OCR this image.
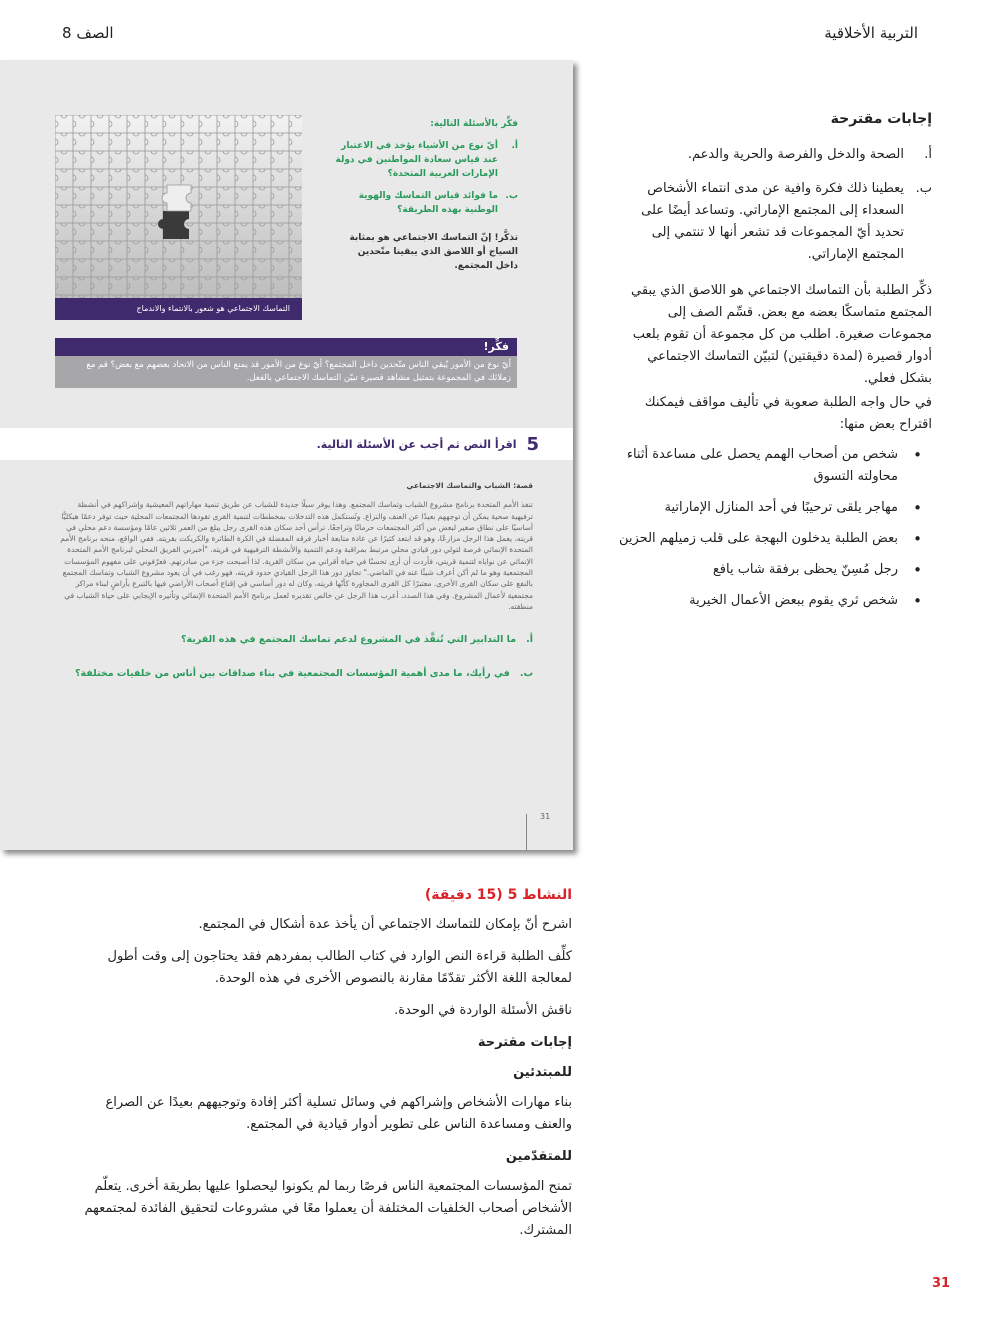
التربية الأخلاقية
الصف 8
إجابات مقترحة
أ.
الصحة والدخل والفرصة والحرية والدعم.
ب.
يعطينا ذلك فكرة وافية عن مدى انتماء الأشخاص السعداء إلى المجتمع الإماراتي. وتساعد أيضًا على تحديد أيّ المجموعات قد تشعر أنها لا تنتمي إلى المجتمع الإماراتي.

ذكِّر الطلبة بأن التماسك الاجتماعي هو اللاصق الذي يبقي المجتمع متماسكًا بعضه مع بعض. قسِّم الصف إلى مجموعات صغيرة. اطلب من كل مجموعة أن تقوم بلعب أدوار قصيرة (لمدة دقيقتين) لتبيّن التماسك الاجتماعي بشكل فعلي.

في حال واجه الطلبة صعوبة في تأليف مواقف فيمكنك اقتراح بعض منها:

•
شخص من أصحاب الهمم يحصل على مساعدة أثناء محاولته التسوق
•
مهاجر يلقى ترحيبًا في أحد المنازل الإماراتية
•
بعض الطلبة يدخلون البهجة على قلب زميلهم الحزين
•
رجل مُسِنّ يحظى برفقة شاب يافع
•
شخص ثري يقوم ببعض الأعمال الخيرية
التماسك الاجتماعي هو شعور بالانتماء والاندماج
فكِّر بالأسئلة التالية:
أ.
أيّ نوع من الأشياء يؤخذ في الاعتبار عند قياس سعادة المواطنين في دولة الإمارات العربية المتحدة؟
ب.
ما فوائد قياس التماسك والهوية الوطنية بهذه الطريقة؟
تذكَّر! إنّ التماسك الاجتماعي هو بمثابة السياج أو اللاصق الذي يبقينا متّحدين داخل المجتمع.
فكِّر!
أيّ نوع من الأمور يُبقي الناس متّحدين داخل المجتمع؟ أيّ نوع من الأمور قد يمنع الناس من الاتحاد بعضهم مع بعض؟ قم مع زملائك في المجموعة بتمثيل مشاهد قصيرة تبيّن التماسك الاجتماعي بالفعل.
5
اقرأ النص ثم أجب عن الأسئلة التالية.
قصة: الشباب والتماسك الاجتماعي
تنفذ الأمم المتحدة برنامج مشروع الشباب وتماسك المجتمع. وهذا يوفر سبلًا جديدة للشباب عن طريق تنمية مهاراتهم المعيشية وإشراكهم في أنشطة ترفيهية صحية يمكن أن توجههم بعيدًا عن العنف والنزاع. وتُستكمل هذه التدخلات بمخططات لتنمية القرى تقودها المجتمعات المحلية حيث توفر دعمًا هيكليًّا أساسيًا على نطاق صغير لبعض من أكثر المجتمعات حرمانًا وتراجعًا. ترأس أحد سكان هذه القرى رجل يبلغ من العمر ثلاثين عامًا ومؤسسة دعم محلي في قريته، يعمل هذا الرجل مزارعًا، وهو قد ابتعد كثيرًا عن عادة متابعة أخبار فرقه المفضلة في الكرة الطائرة والكريكت بقريته. ففي الواقع، منحه برنامج الأمم المتحدة الإنمائي فرصة لتولي دور قيادي محلي مرتبط بمراقبة ودعم التنمية والأنشطة الترفيهية في قريته. "أخبرني الفريق المحلي لبرنامج الأمم المتحدة الإنمائي عن نواياه لتنمية قريتي، فأردت أن أرى تحسنًا في حياة أقراني من سكان القرية. لذا أصبحت جزء من مبادرتهم. فعرّفوني على مفهوم المؤسسات المجتمعية وهو ما لم أكن أعرف شيئًا عنه في الماضي." تجاوز دور هذا الرجل القيادي حدود قريته، فهو رغب في أن يعود مشروع الشباب وتماسك المجتمع بالنفع على سكان القرى الأخرى. معتبرًا كل القرى المجاورة كأنّها قريته، وكان له دور أساسي في إقناع أصحاب الأراضي فيها بالتبرع بأراضٍ لبناء مراكز مجتمعية لأعمال المشروع. وفي هذا الصدد، أعرب هذا الرجل عن خالص تقديره لعمل برنامج الأمم المتحدة الإنمائي وتأثيره الإيجابي على حياة الشباب في منطقته.
أ.
ما التدابير التي تُنفَّذ في المشروع لدعم تماسك المجتمع في هذه القرية؟
ب.
في رأيك، ما مدى أهمية المؤسسات المجتمعية في بناء صداقات بين أناس من خلفيات مختلفة؟
31
النشاط 5 (15 دقيقة)

اشرح أنّ بإمكان للتماسك الاجتماعي أن يأخذ عدة أشكال في المجتمع.

كلِّف الطلبة قراءة النص الوارد في كتاب الطالب بمفردهم فقد يحتاجون إلى وقت أطول لمعالجة اللغة الأكثر تقدّمًا مقارنة بالنصوص الأخرى في هذه الوحدة.

ناقش الأسئلة الواردة في الوحدة.

إجابات مقترحة
للمبتدئين

بناء مهارات الأشخاص وإشراكهم في وسائل تسلية أكثر إفادة وتوجيههم بعيدًا عن الصراع والعنف ومساعدة الناس على تطوير أدوار قيادية في المجتمع.

للمتقدّمين

تمنح المؤسسات المجتمعية الناس فرصًا ربما لم يكونوا ليحصلوا عليها بطريقة أخرى. يتعلّم الأشخاص أصحاب الخلفيات المختلفة أن يعملوا معًا في مشروعات لتحقيق الفائدة لمجتمعهم المشترك.

31
